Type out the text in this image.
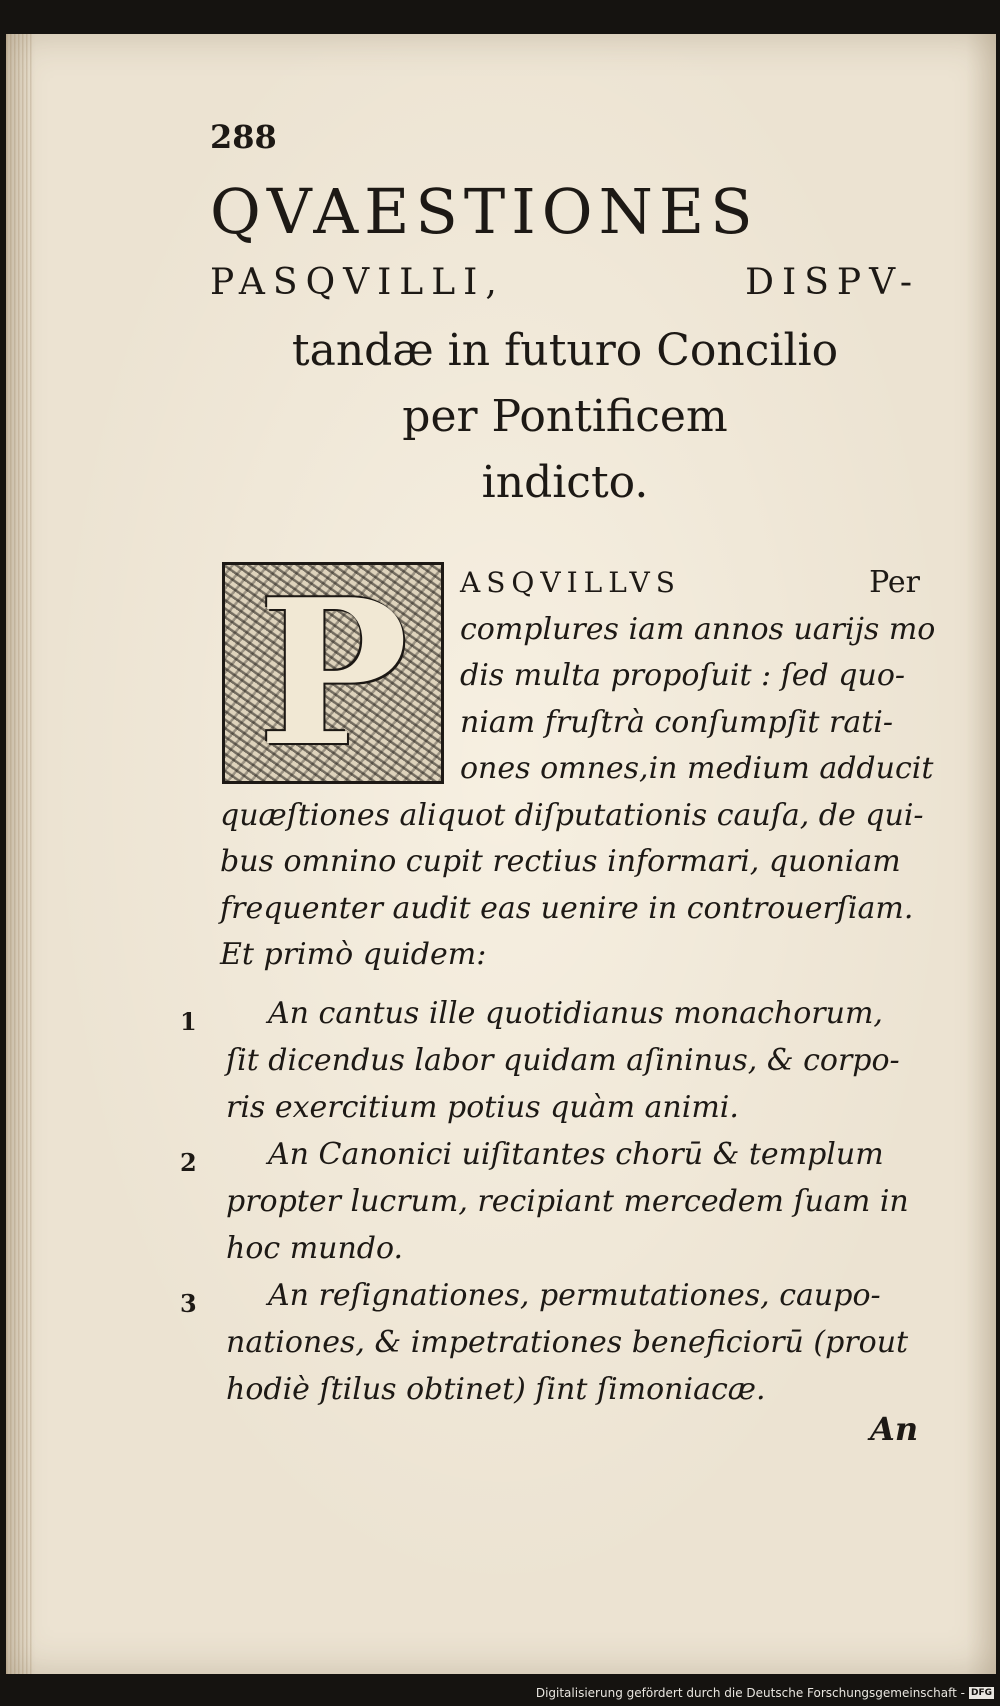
288
QVAESTIONES
PASQVILLI,	DISPV-
tandæ in futuro Concilio
per Pontificem
indicto.
P	ASQVILLVS	Per
complures iam annos uarijs mo
dis multa propoſuit : ſed quo-
niam fruſtrà conſumpſit rati-
ones omnes,in medium adducit
quæſtiones aliquot diſputationis cauſa, de qui-
bus omnino cupit rectius informari, quoniam
frequenter audit eas uenire in controuerſiam.
Et primò quidem:
1	An cantus ille quotidianus monachorum,
ſit dicendus labor quidam aſininus, & corpo-
ris exercitium potius quàm animi.
2	An Canonici uiſitantes chorū & templum
propter lucrum, recipiant mercedem ſuam in
hoc mundo.
3	An reſignationes, permutationes, caupo-
nationes, & impetrationes beneficiorū (prout
hodiè ſtilus obtinet) ſint ſimoniacæ.
An
Digitalisierung gefördert durch die Deutsche Forschungsgemeinschaft - DFG
